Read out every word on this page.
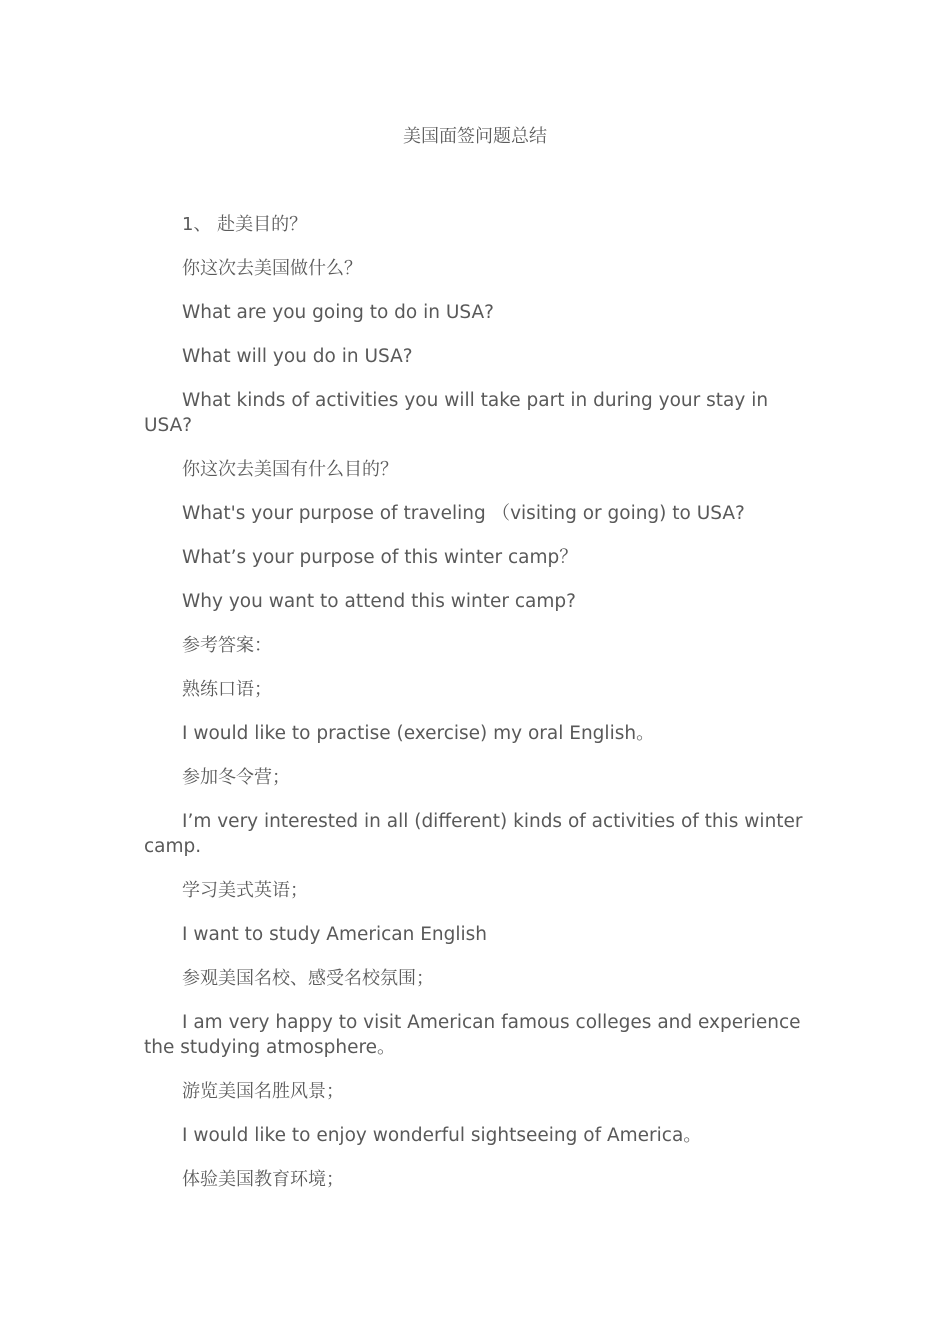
美国面签问题总结

1、 赴美目的？

你这次去美国做什么？

What are you going to do in USA?

What will you do in USA?

What kinds of activities you will take part in during your stay in USA?

你这次去美国有什么目的？

What's your purpose of traveling （visiting or going) to USA?

What’s your purpose of this winter camp？

Why you want to attend this winter camp?

参考答案：

熟练口语；

I would like to practise (exercise) my oral English。

参加冬令营；

I’m very interested in all (different) kinds of activities of this winter camp.

学习美式英语；

I want to study American English

参观美国名校、感受名校氛围；

I am very happy to visit American famous colleges and experience the studying atmosphere。

游览美国名胜风景；

I would like to enjoy wonderful sightseeing of America。

体验美国教育环境；
